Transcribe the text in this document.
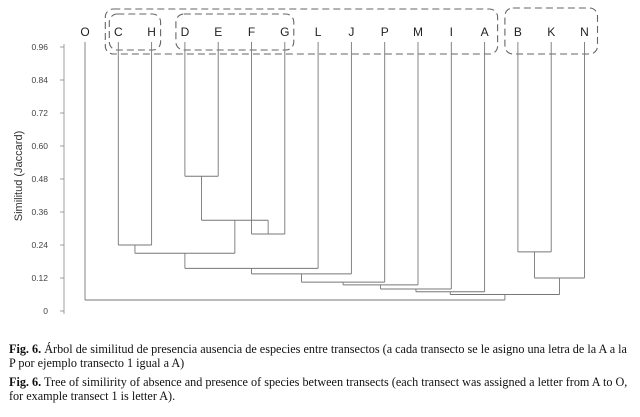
0
0.12
0.24
0.36
0.48
0.60
0.72
0.84
0.96
O C H D E F G L J P M I A B K N
Similitud (Jaccard)

Fig. 6. Árbol de similitud de presencia ausencia de especies entre transectos (a cada transecto se le asigno una letra de la A a la P por ejemplo transecto 1 igual a A)

Fig. 6. Tree of similirity of absence and presence of species between transects (each transect was assigned a letter from A to O, for example transect 1 is letter A).
